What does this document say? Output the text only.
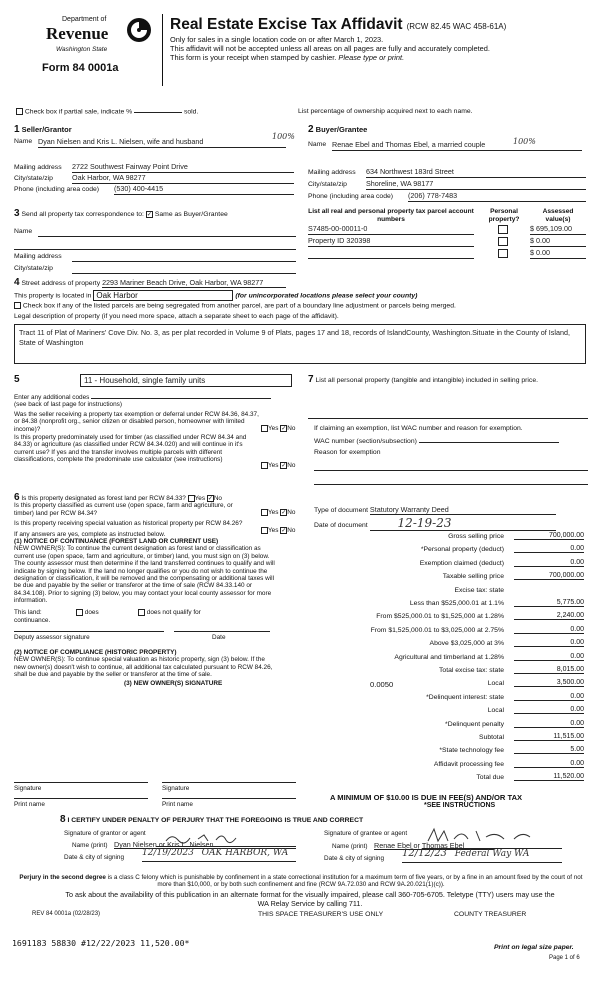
Department of
Revenue
Washington State
Form 84 0001a
Real Estate Excise Tax Affidavit (RCW 82.45 WAC 458-61A)
Only for sales in a single location code on or after March 1, 2023.
This affidavit will not be accepted unless all areas on all pages are fully and accurately completed.
This form is your receipt when stamped by cashier. Please type or print.
Check box if partial sale, indicate %	sold.	List percentage of ownership acquired next to each name.
1 Seller/Grantor
Name Dyan Nielsen and Kris L. Nielsen, wife and husband
100%
Mailing address 2722 Southwest Fairway Point Drive
City/state/zip	Oak Harbor, WA 98277
Phone (including area code) (530) 400-4415
2 Buyer/Grantee
Name Renae Ebel and Thomas Ebel, a married couple	100%
Mailing address 634 Northwest 183rd Street
City/state/zip	Shoreline, WA 98177
Phone (including area code) (206) 778-7483
3 Send all property tax correspondence to: ✓ Same as Buyer/Grantee
Name
Mailing address
City/state/zip
List all real and personal property tax parcel account numbers
Personal property?
Assessed value(s)
S7485-00-00011-0	$ 695,109.00
Property ID 320398	$ 0.00
$ 0.00
4 Street address of property 2293 Mariner Beach Drive, Oak Harbor, WA 98277
This property is located in Oak Harbor	(for unincorporated locations please select your county)
Check box if any of the listed parcels are being segregated from another parcel, are part of a boundary line adjustment or parcels being merged.
Legal description of property (if you need more space, attach a separate sheet to each page of the affidavit).
Tract 11 of Plat of Mariners' Cove Div. No. 3, as per plat recorded in Volume 9 of Plats, pages 17 and 18, records of IslandCounty, Washington.Situate in the County of Island, State of Washington
5	11 - Household, single family units
Enter any additional codes
(see back of last page for instructions)
Was the seller receiving a property tax exemption or deferral under RCW 84.36, 84.37, or 84.38 (nonprofit org., senior citizen or disabled person, homeowner with limited income)?	Yes ✓No
Is this property predominately used for timber (as classified under RCW 84.34 and 84.33) or agriculture (as classified under RCW 84.34.020) and will continue in it's current use? If yes and the transfer involves multiple parcels with different classifications, complete the predominate use calculator (see instructions)
Yes ✓No
6 Is this property designated as forest land per RCW 84.33? Yes ✓No
Is this property classified as current use (open space, farm and agriculture, or timber) land per RCW 84.34?	Yes ✓No
Is this property receiving special valuation as historical property per RCW 84.26?
Yes ✓No
If any answers are yes, complete as instructed below.
(1) NOTICE OF CONTINUANCE (FOREST LAND OR CURRENT USE)
NEW OWNER(S): To continue the current designation as forest land or classification as current use (open space, farm and agriculture, or timber) land, you must sign on (3) below. The county assessor must then determine if the land transferred continues to qualify and will indicate by signing below. If the land no longer qualifies or you do not wish to continue the designation or classification, it will be removed and the compensating or additional taxes will be due and payable by the seller or transferor at the time of sale (RCW 84.33.140 or 84.34.108). Prior to signing (3) below, you may contact your local county assessor for more information.
This land:	does	does not qualify for
continuance.
Deputy assessor signature	Date
(2) NOTICE OF COMPLIANCE (HISTORIC PROPERTY)
NEW OWNER(S): To continue special valuation as historic property, sign (3) below. If the new owner(s) doesn't wish to continue, all additional tax calculated pursuant to RCW 84.26, shall be due and payable by the seller or transferor at the time of sale.
(3) NEW OWNER(S) SIGNATURE
Signature	Signature
Print name	Print name
7 List all personal property (tangible and intangible) included in selling price.
If claiming an exemption, list WAC number and reason for exemption.
WAC number (section/subsection)
Reason for exemption
Type of document Statutory Warranty Deed
Date of document 12-19-23
Gross selling price	700,000.00
*Personal property (deduct)	0.00
Exemption claimed (deduct)	0.00
Taxable selling price	700,000.00
Excise tax: state
Less than $525,000.01 at 1.1%	5,775.00
From $525,000.01 to $1,525,000 at 1.28%	2,240.00
From $1,525,000.01 to $3,025,000 at 2.75%	0.00
Above $3,025,000 at 3%	0.00
Agricultural and timberland at 1.28%	0.00
Total excise tax: state	8,015.00
Local	3,500.00
0.0050
*Delinquent interest: state	0.00
Local	0.00
*Delinquent penalty	0.00
Subtotal	11,515.00
*State technology fee	5.00
Affidavit processing fee	0.00
Total due	11,520.00
A MINIMUM OF $10.00 IS DUE IN FEE(S) AND/OR TAX
*SEE INSTRUCTIONS
8 I CERTIFY UNDER PENALTY OF PERJURY THAT THE FOREGOING IS TRUE AND CORRECT
Signature of grantor or agent
Name (print) Dyan Nielsen or Kris L. Nielsen
Date & city of signing 12/19/2023 OAK HARBOR, WA
Signature of grantee or agent
Name (print) Renae Ebel or Thomas Ebel
Date & city of signing 12/12/23 Federal Way WA
Perjury in the second degree is a class C felony which is punishable by confinement in a state correctional institution for a maximum term of five years, or by a fine in an amount fixed by the court of not more than $10,000, or by both such confinement and fine (RCW 9A.72.030 and RCW 9A.20.021(1)(c)).
To ask about the availability of this publication in an alternate format for the visually impaired, please call 360-705-6705. Teletype (TTY) users may use the WA Relay Service by calling 711.
REV 84 0001a (02/28/23)	THIS SPACE TREASURER'S USE ONLY	COUNTY TREASURER
1691183 58830 #12/22/2023 11,520.00*	Print on legal size paper.
Page 1 of 6
